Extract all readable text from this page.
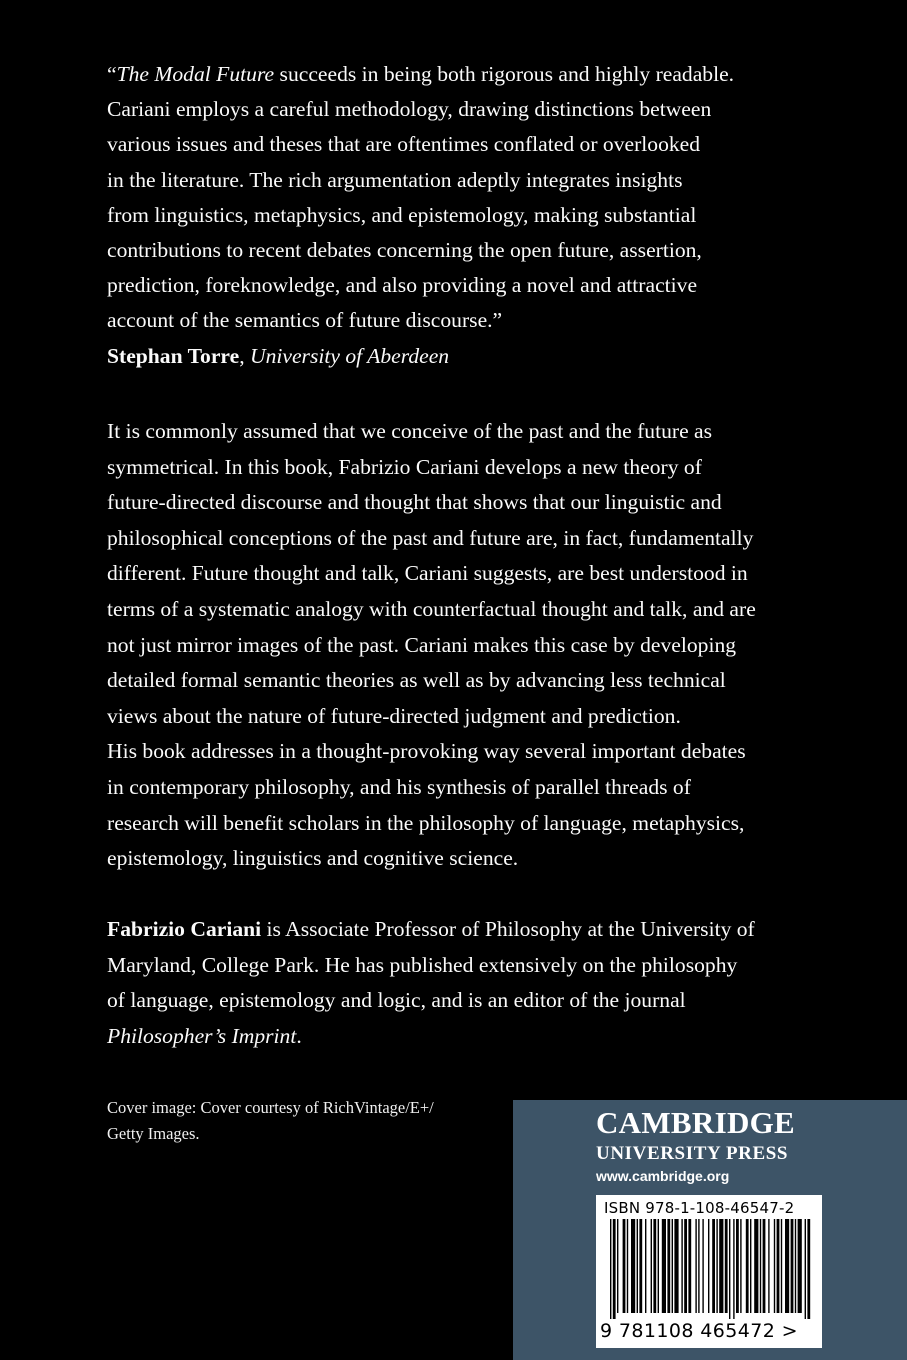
“The Modal Future succeeds in being both rigorous and highly readable.

Cariani employs a careful methodology, drawing distinctions between

various issues and theses that are oftentimes conflated or overlooked

in the literature. The rich argumentation adeptly integrates insights

from linguistics, metaphysics, and epistemology, making substantial

contributions to recent debates concerning the open future, assertion,

prediction, foreknowledge, and also providing a novel and attractive

account of the semantics of future discourse.”

Stephan Torre, University of Aberdeen

It is commonly assumed that we conceive of the past and the future as

symmetrical. In this book, Fabrizio Cariani develops a new theory of

future-directed discourse and thought that shows that our linguistic and

philosophical conceptions of the past and future are, in fact, fundamentally

different. Future thought and talk, Cariani suggests, are best understood in

terms of a systematic analogy with counterfactual thought and talk, and are

not just mirror images of the past. Cariani makes this case by developing

detailed formal semantic theories as well as by advancing less technical

views about the nature of future-directed judgment and prediction.

His book addresses in a thought-provoking way several important debates

in contemporary philosophy, and his synthesis of parallel threads of

research will benefit scholars in the philosophy of language, metaphysics,

epistemology, linguistics and cognitive science.

Fabrizio Cariani is Associate Professor of Philosophy at the University of

Maryland, College Park. He has published extensively on the philosophy

of language, epistemology and logic, and is an editor of the journal

Philosopher’s Imprint.

Cover image: Cover courtesy of RichVintage/E+/
Getty Images.	CAMBRIDGE
UNIVERSITY PRESS
www.cambridge.org
ISBN 978-1-108-46547-2
9 781108 465472 >
